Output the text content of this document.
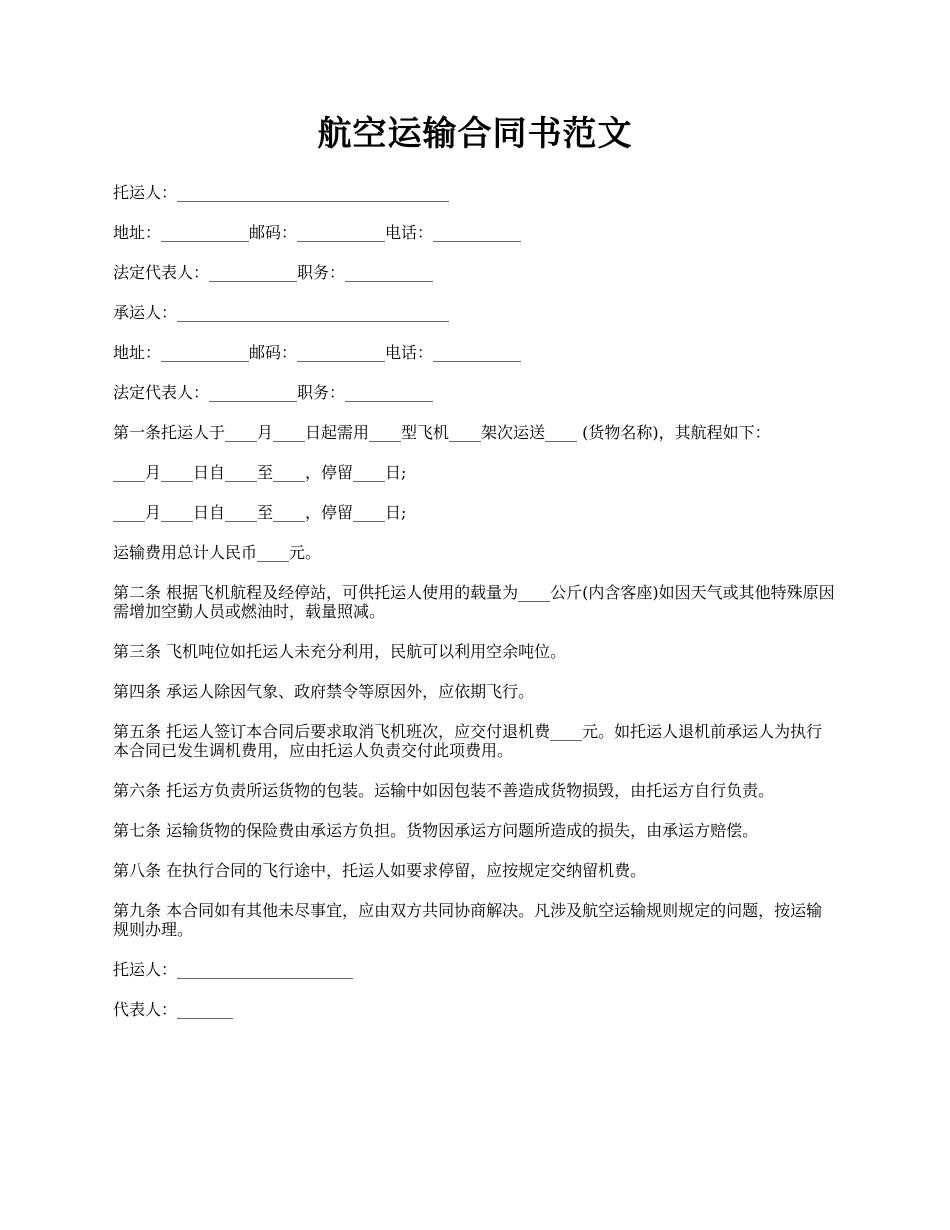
航空运输合同书范文

托运人：__________________________________

地址：___________邮码：___________电话：___________

法定代表人：___________职务：___________

承运人：__________________________________

地址：___________邮码：___________电话：___________

法定代表人：___________职务：___________

第一条托运人于____月____日起需用____型飞机____架次运送____ (货物名称)，其航程如下：

____月____日自____至____，停留____日;

____月____日自____至____，停留____日;

运输费用总计人民币____元。

第二条 根据飞机航程及经停站，可供托运人使用的载量为____公斤(内含客座)如因天气或其他特殊原因需增加空勤人员或燃油时，载量照减。

第三条 飞机吨位如托运人未充分利用，民航可以利用空余吨位。

第四条 承运人除因气象、政府禁令等原因外，应依期飞行。

第五条 托运人签订本合同后要求取消飞机班次，应交付退机费____元。如托运人退机前承运人为执行本合同已发生调机费用，应由托运人负责交付此项费用。

第六条 托运方负责所运货物的包装。运输中如因包装不善造成货物损毁，由托运方自行负责。

第七条 运输货物的保险费由承运方负担。货物因承运方问题所造成的损失，由承运方赔偿。

第八条 在执行合同的飞行途中，托运人如要求停留，应按规定交纳留机费。

第九条 本合同如有其他未尽事宜，应由双方共同协商解决。凡涉及航空运输规则规定的问题，按运输规则办理。

托运人：______________________

代表人：_______
